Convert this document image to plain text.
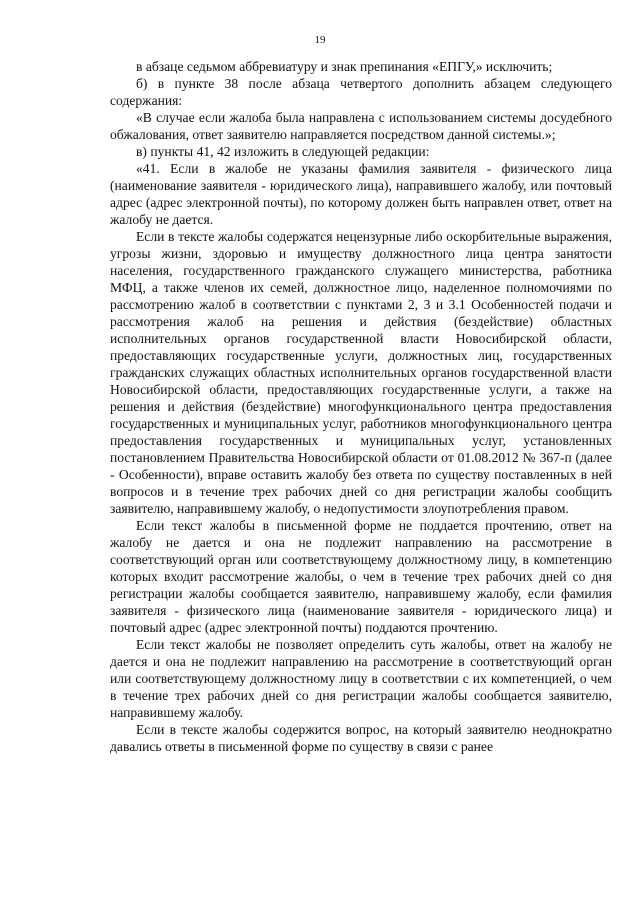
19

в абзаце седьмом аббревиатуру и знак препинания «ЕПГУ,» исключить;

б) в пункте 38 после абзаца четвертого дополнить абзацем следующего содержания:

«В случае если жалоба была направлена с использованием системы досудебного обжалования, ответ заявителю направляется посредством данной системы.»;

в) пункты 41, 42 изложить в следующей редакции:

«41. Если в жалобе не указаны фамилия заявителя - физического лица (наименование заявителя - юридического лица), направившего жалобу, или почтовый адрес (адрес электронной почты), по которому должен быть направлен ответ, ответ на жалобу не дается.

Если в тексте жалобы содержатся нецензурные либо оскорбительные выражения, угрозы жизни, здоровью и имуществу должностного лица центра занятости населения, государственного гражданского служащего министерства, работника МФЦ, а также членов их семей, должностное лицо, наделенное полномочиями по рассмотрению жалоб в соответствии с пунктами 2, 3 и 3.1 Особенностей подачи и рассмотрения жалоб на решения и действия (бездействие) областных исполнительных органов государственной власти Новосибирской области, предоставляющих государственные услуги, должностных лиц, государственных гражданских служащих областных исполнительных органов государственной власти Новосибирской области, предоставляющих государственные услуги, а также на решения и действия (бездействие) многофункционального центра предоставления государственных и муниципальных услуг, работников многофункционального центра предоставления государственных и муниципальных услуг, установленных постановлением Правительства Новосибирской области от 01.08.2012 № 367-п (далее - Особенности), вправе оставить жалобу без ответа по существу поставленных в ней вопросов и в течение трех рабочих дней со дня регистрации жалобы сообщить заявителю, направившему жалобу, о недопустимости злоупотребления правом.

Если текст жалобы в письменной форме не поддается прочтению, ответ на жалобу не дается и она не подлежит направлению на рассмотрение в соответствующий орган или соответствующему должностному лицу, в компетенцию которых входит рассмотрение жалобы, о чем в течение трех рабочих дней со дня регистрации жалобы сообщается заявителю, направившему жалобу, если фамилия заявителя - физического лица (наименование заявителя - юридического лица) и почтовый адрес (адрес электронной почты) поддаются прочтению.

Если текст жалобы не позволяет определить суть жалобы, ответ на жалобу не дается и она не подлежит направлению на рассмотрение в соответствующий орган или соответствующему должностному лицу в соответствии с их компетенцией, о чем в течение трех рабочих дней со дня регистрации жалобы сообщается заявителю, направившему жалобу.

Если в тексте жалобы содержится вопрос, на который заявителю неоднократно давались ответы в письменной форме по существу в связи с ранее
